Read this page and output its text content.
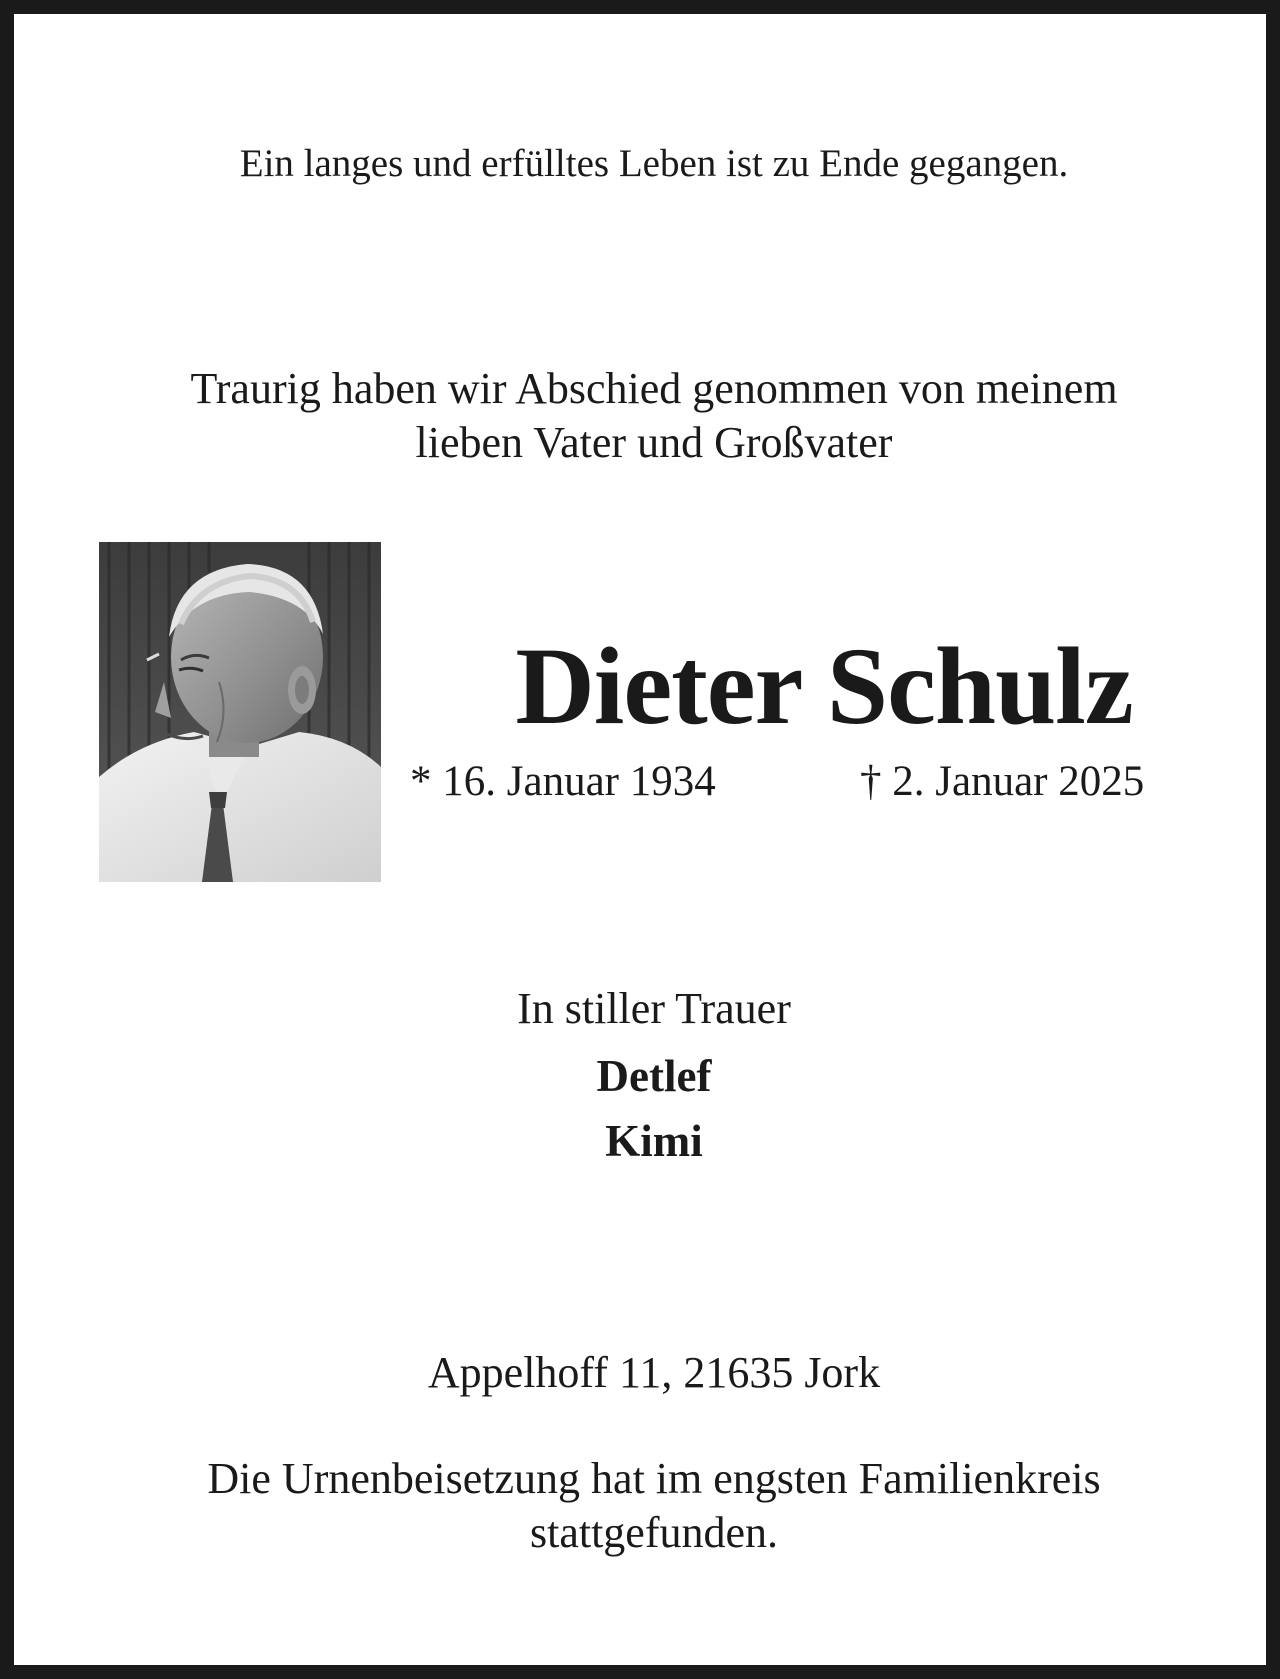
Ein langes und erfülltes Leben ist zu Ende gegangen.
Traurig haben wir Abschied genommen von meinem
lieben Vater und Großvater
Dieter Schulz
* 16. Januar 1934	† 2. Januar 2025
In stiller Trauer
Detlef
Kimi
Appelhoff 11, 21635 Jork
Die Urnenbeisetzung hat im engsten Familienkreis
stattgefunden.
